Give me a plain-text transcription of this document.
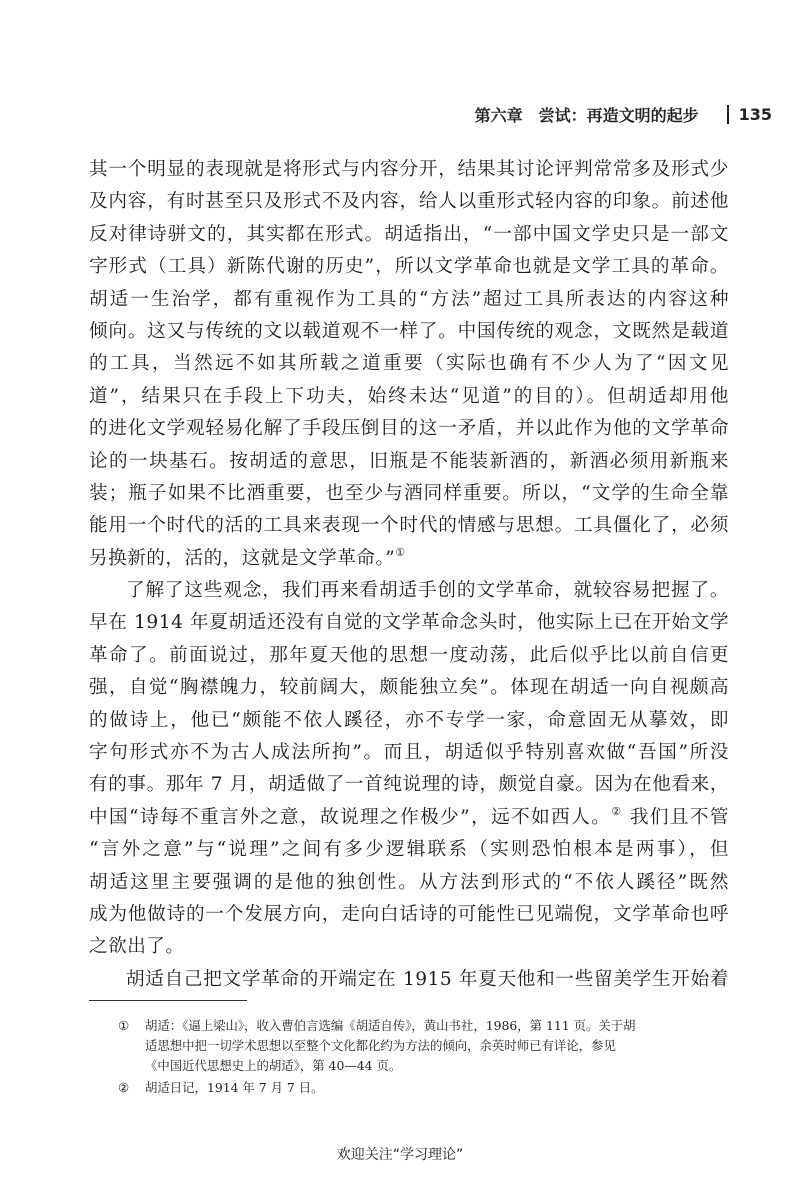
第六章　尝试：再造文明的起步	135
其一个明显的表现就是将形式与内容分开，结果其讨论评判常常多及形式少
及内容，有时甚至只及形式不及内容，给人以重形式轻内容的印象。前述他
反对律诗骈文的，其实都在形式。胡适指出，“一部中国文学史只是一部文
字形式（工具）新陈代谢的历史”，所以文学革命也就是文学工具的革命。
胡适一生治学，都有重视作为工具的“方法”超过工具所表达的内容这种
倾向。这又与传统的文以载道观不一样了。中国传统的观念，文既然是载道
的工具，当然远不如其所载之道重要（实际也确有不少人为了“因文见
道”，结果只在手段上下功夫，始终未达“见道”的目的）。但胡适却用他
的进化文学观轻易化解了手段压倒目的这一矛盾，并以此作为他的文学革命
论的一块基石。按胡适的意思，旧瓶是不能装新酒的，新酒必须用新瓶来
装；瓶子如果不比酒重要，也至少与酒同样重要。所以，“文学的生命全靠
能用一个时代的活的工具来表现一个时代的情感与思想。工具僵化了，必须
另换新的，活的，这就是文学革命。”①
了解了这些观念，我们再来看胡适手创的文学革命，就较容易把握了。
早在 1914 年夏胡适还没有自觉的文学革命念头时，他实际上已在开始文学
革命了。前面说过，那年夏天他的思想一度动荡，此后似乎比以前自信更
强，自觉“胸襟魄力，较前阔大，颇能独立矣”。体现在胡适一向自视颇高
的做诗上，他已“颇能不依人蹊径，亦不专学一家，命意固无从摹效，即
字句形式亦不为古人成法所拘”。而且，胡适似乎特别喜欢做“吾国”所没
有的事。那年 7 月，胡适做了一首纯说理的诗，颇觉自豪。因为在他看来，
中国“诗每不重言外之意，故说理之作极少”，远不如西人。② 我们且不管
“言外之意”与“说理”之间有多少逻辑联系（实则恐怕根本是两事），但
胡适这里主要强调的是他的独创性。从方法到形式的“不依人蹊径”既然
成为他做诗的一个发展方向，走向白话诗的可能性已见端倪，文学革命也呼
之欲出了。
胡适自己把文学革命的开端定在 1915 年夏天他和一些留美学生开始着
① 胡适：《逼上梁山》，收入曹伯言选编《胡适自传》，黄山书社，1986，第 111 页。关于胡
适思想中把一切学术思想以至整个文化都化约为方法的倾向，余英时师已有详论，参见
《中国近代思想史上的胡适》，第 40—44 页。
② 胡适日记，1914 年 7 月 7 日。
欢迎关注“学习理论”
